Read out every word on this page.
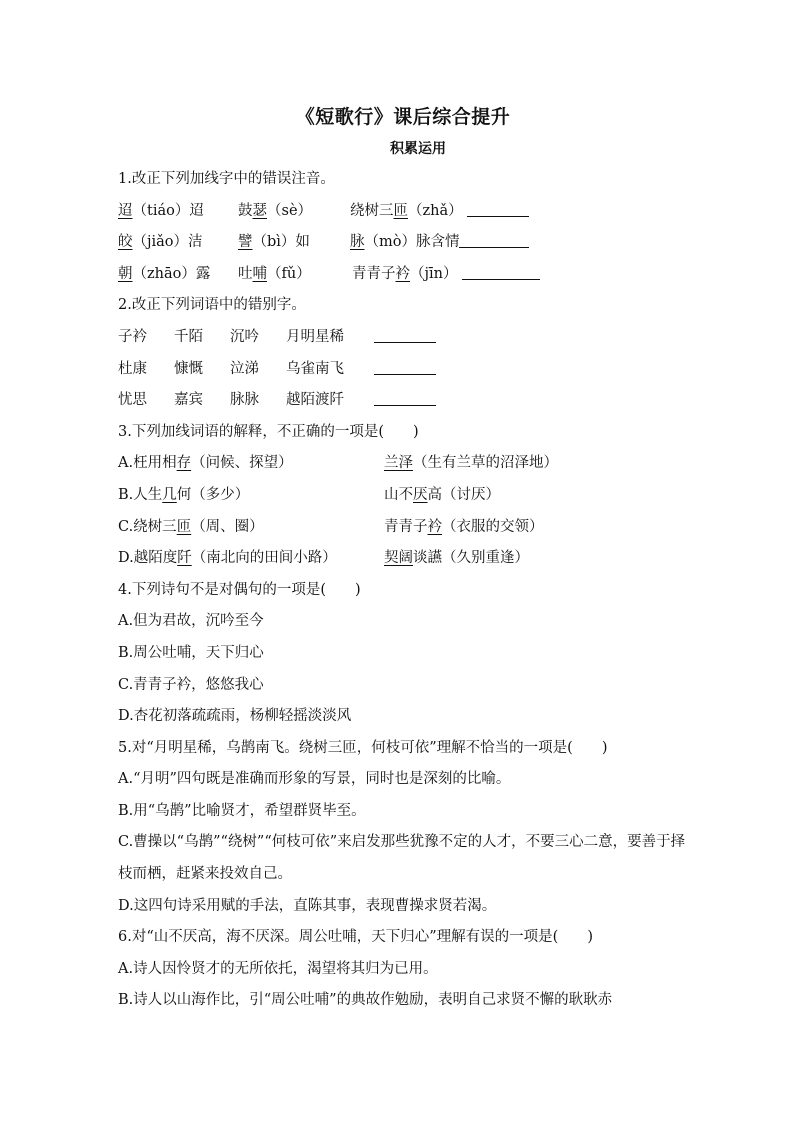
《短歌行》课后综合提升
积累运用
1.改正下列加线字中的错误注音。
迢（tiáo）迢 鼓瑟（sè）	绕树三匝（zhǎ）
皎（jiǎo）洁 譬（bì）如	脉（mò）脉含情
朝（zhāo）露 吐哺（fǔ）	青青子衿（jīn）
2.改正下列词语中的错别字。
子衿 千陌 沉吟 月明星稀
杜康 慷慨 泣涕 乌雀南飞
忧思 嘉宾 脉脉 越陌渡阡
3.下列加线词语的解释，不正确的一项是(　　)
A.枉用相存（问候、探望）	兰泽（生有兰草的沼泽地）
B.人生几何（多少）	山不厌高（讨厌）
C.绕树三匝（周、圈）	青青子衿（衣服的交领）
D.越陌度阡（南北向的田间小路）	契阔谈讌（久别重逢）
4.下列诗句不是对偶句的一项是(　　)
A.但为君故，沉吟至今
B.周公吐哺，天下归心
C.青青子衿，悠悠我心
D.杏花初落疏疏雨，杨柳轻摇淡淡风
5.对“月明星稀，乌鹊南飞。绕树三匝，何枝可依”理解不恰当的一项是(　　)
A.“月明”四句既是准确而形象的写景，同时也是深刻的比喻。
B.用“乌鹊”比喻贤才，希望群贤毕至。
C.曹操以“乌鹊”“绕树”“何枝可依”来启发那些犹豫不定的人才，不要三心二意，要善于择枝而栖，赶紧来投效自己。
D.这四句诗采用赋的手法，直陈其事，表现曹操求贤若渴。
6.对“山不厌高，海不厌深。周公吐哺，天下归心”理解有误的一项是(　　)
A.诗人因怜贤才的无所依托，渴望将其归为已用。
B.诗人以山海作比，引“周公吐哺”的典故作勉励，表明自己求贤不懈的耿耿赤
